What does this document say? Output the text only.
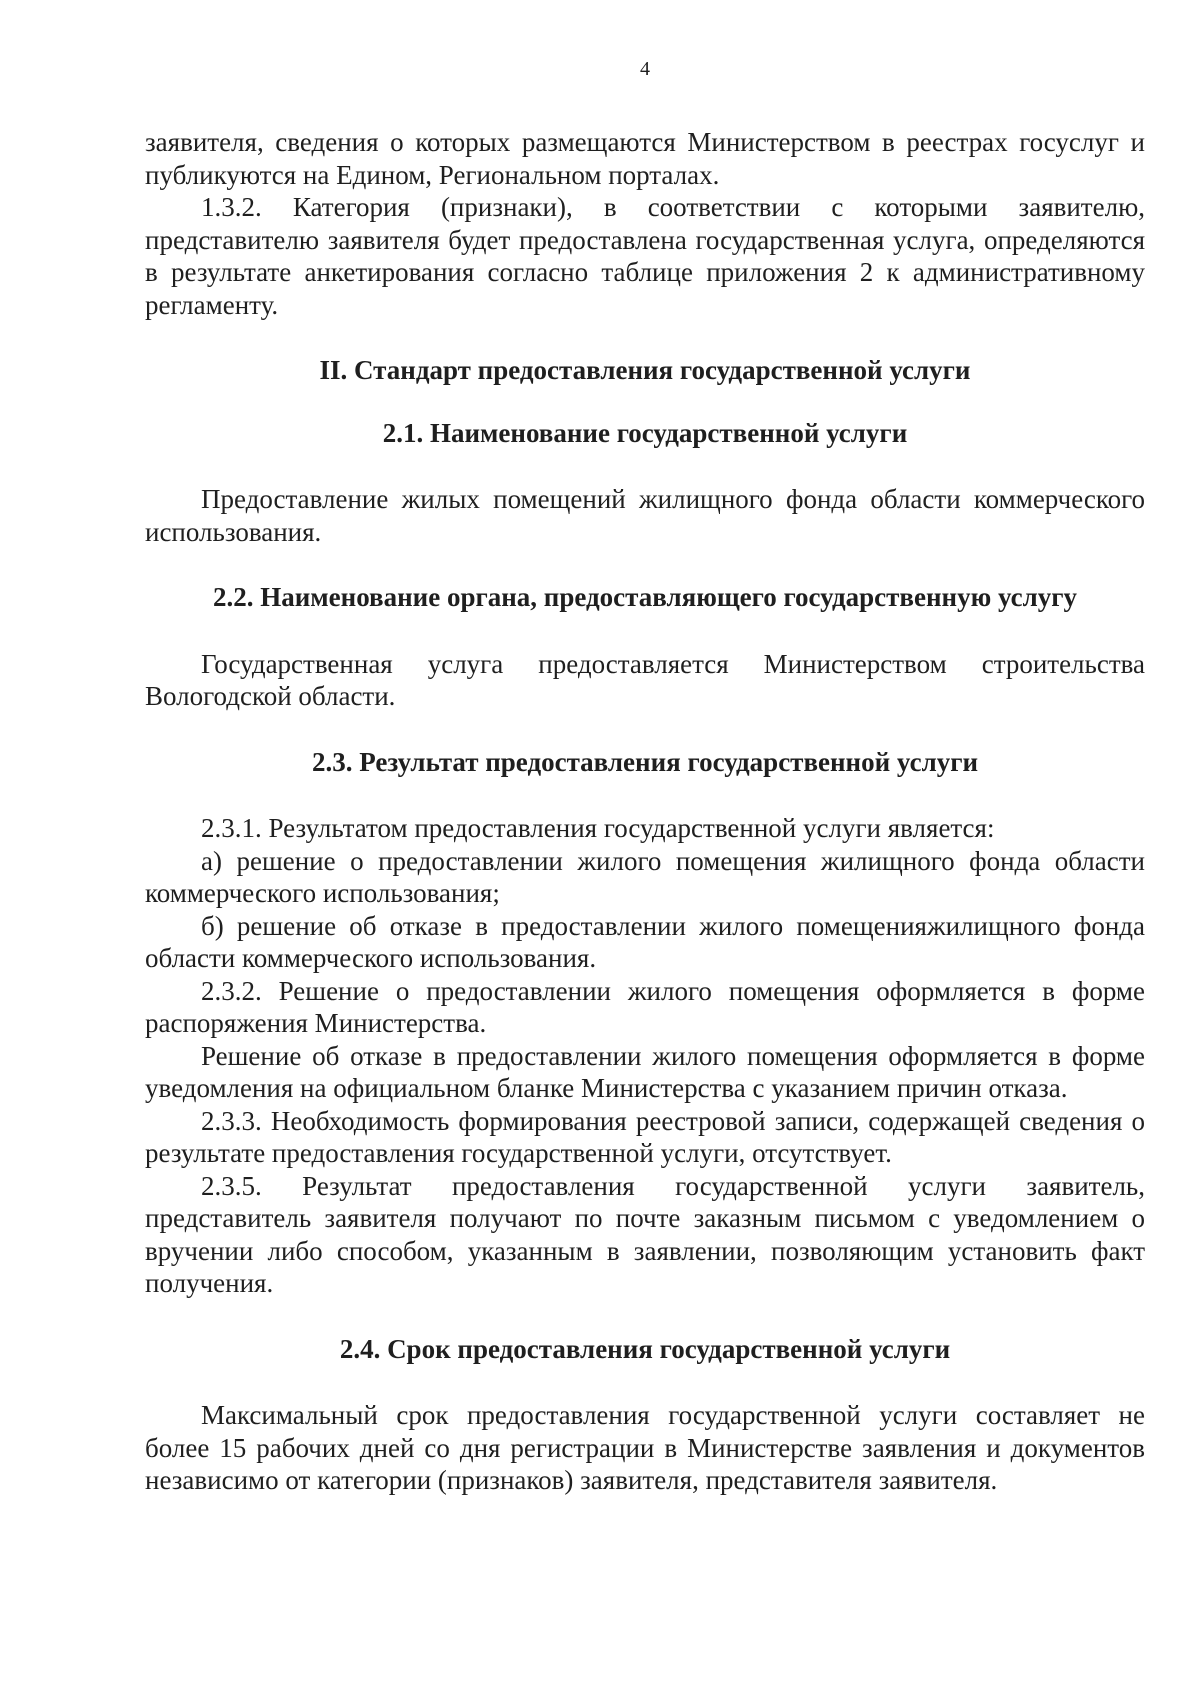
4

заявителя, сведения о которых размещаются Министерством в реестрах госуслуг и публикуются на Едином, Региональном порталах.

1.3.2. Категория (признаки), в соответствии с которыми заявителю, представителю заявителя будет предоставлена государственная услуга, определяются в результате анкетирования согласно таблице приложения 2 к административному регламенту.

II. Стандарт предоставления государственной услуги
2.1. Наименование государственной услуги

Предоставление жилых помещений жилищного фонда области коммерческого использования.

2.2. Наименование органа, предоставляющего государственную услугу

Государственная услуга предоставляется Министерством строительства Вологодской области.

2.3. Результат предоставления государственной услуги

2.3.1. Результатом предоставления государственной услуги является:

а) решение о предоставлении жилого помещения жилищного фонда области коммерческого использования;

б) решение об отказе в предоставлении жилого помещенияжилищного фонда области коммерческого использования.

2.3.2. Решение о предоставлении жилого помещения оформляется в форме распоряжения Министерства.

Решение об отказе в предоставлении жилого помещения оформляется в форме уведомления на официальном бланке Министерства с указанием причин отказа.

2.3.3. Необходимость формирования реестровой записи, содержащей сведения о результате предоставления государственной услуги, отсутствует.

2.3.5. Результат предоставления государственной услуги заявитель, представитель заявителя получают по почте заказным письмом с уведомлением о вручении либо способом, указанным в заявлении, позволяющим установить факт получения.

2.4. Срок предоставления государственной услуги

Максимальный срок предоставления государственной услуги составляет не более 15 рабочих дней со дня регистрации в Министерстве заявления и документов независимо от категории (признаков) заявителя, представителя заявителя.
